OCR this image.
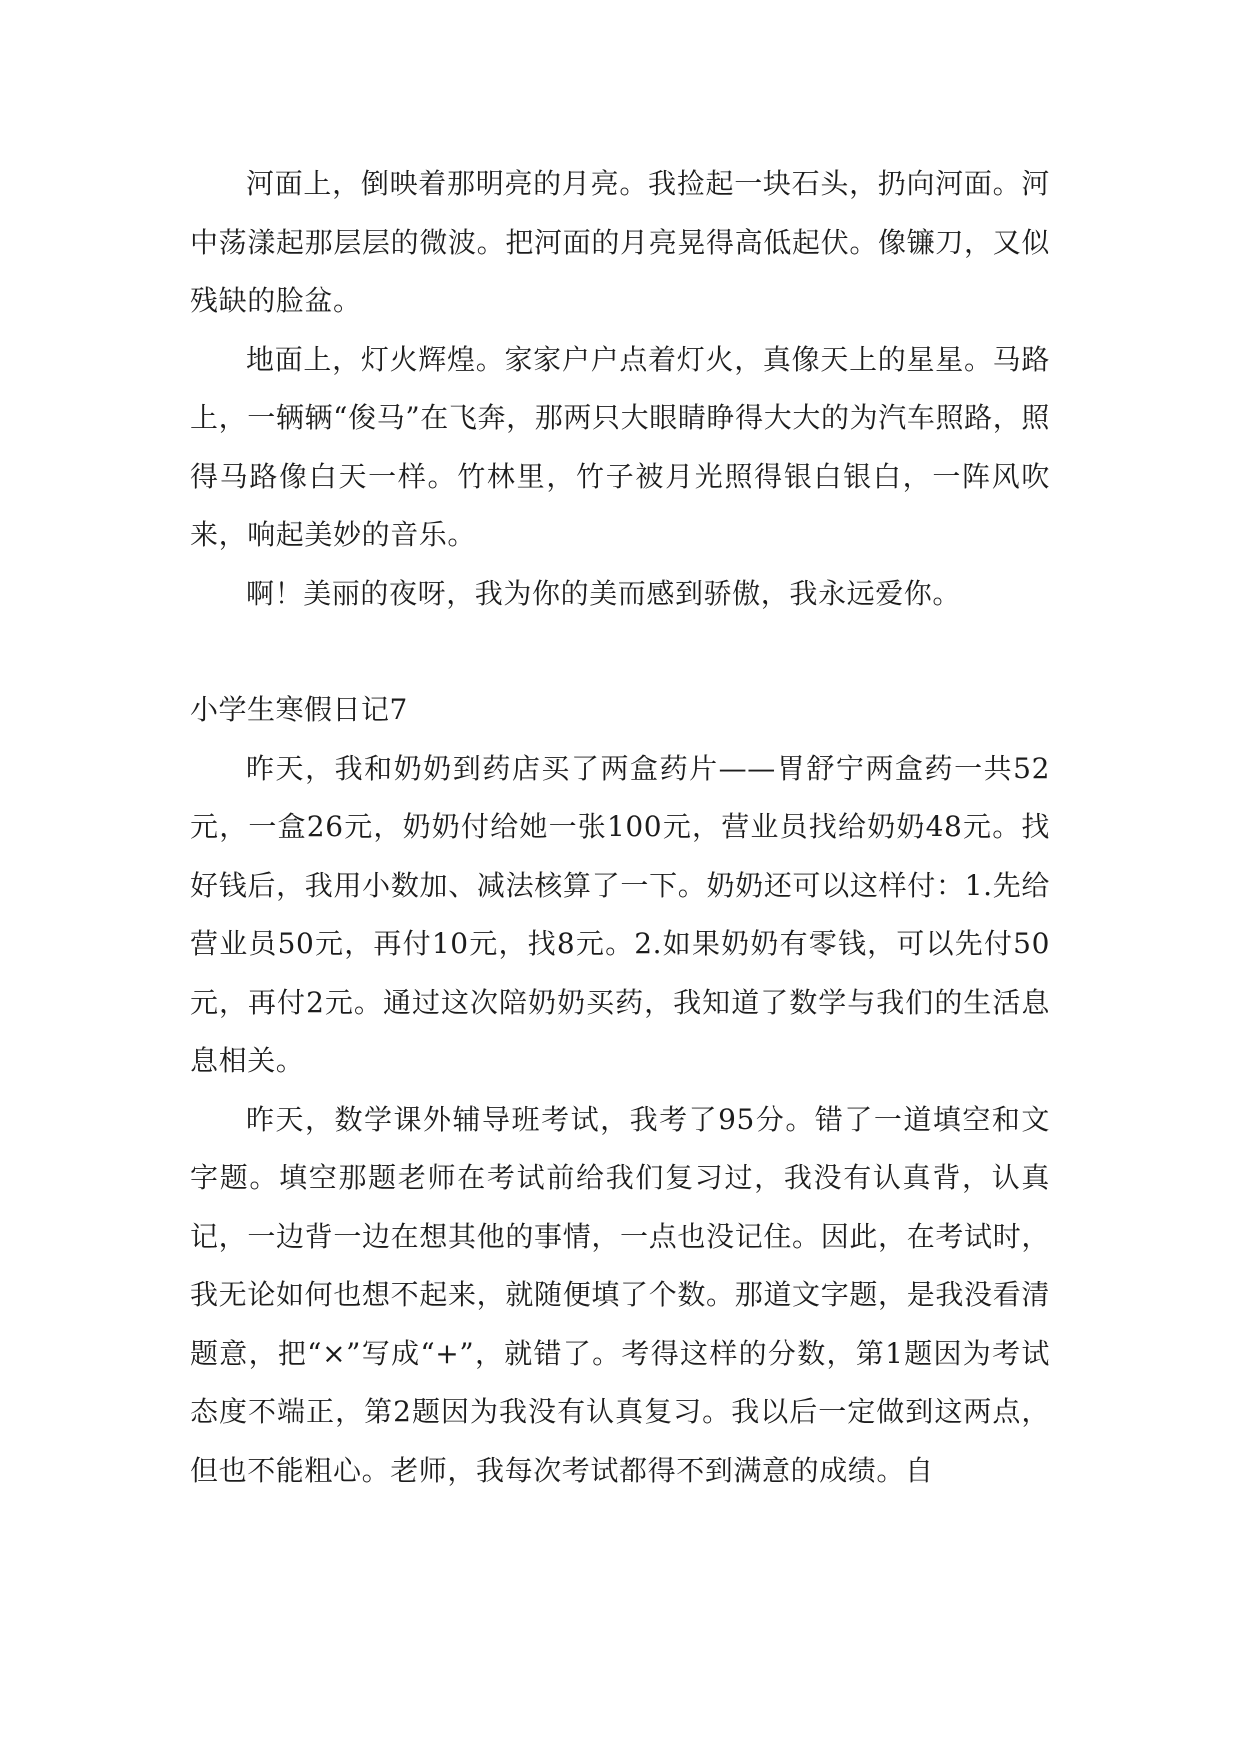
河面上，倒映着那明亮的月亮。我捡起一块石头，扔向河面。河中荡漾起那层层的微波。把河面的月亮晃得高低起伏。像镰刀，又似残缺的脸盆。

地面上，灯火辉煌。家家户户点着灯火，真像天上的星星。马路上，一辆辆“俊马”在飞奔，那两只大眼睛睁得大大的为汽车照路，照得马路像白天一样。竹林里，竹子被月光照得银白银白，一阵风吹来，响起美妙的音乐。

啊！美丽的夜呀，我为你的美而感到骄傲，我永远爱你。

小学生寒假日记7

昨天，我和奶奶到药店买了两盒药片——胃舒宁两盒药一共52元，一盒26元，奶奶付给她一张100元，营业员找给奶奶48元。找好钱后，我用小数加、减法核算了一下。奶奶还可以这样付：1.先给营业员50元，再付10元，找8元。2.如果奶奶有零钱，可以先付50元，再付2元。通过这次陪奶奶买药，我知道了数学与我们的生活息息相关。

昨天，数学课外辅导班考试，我考了95分。错了一道填空和文字题。填空那题老师在考试前给我们复习过，我没有认真背，认真记，一边背一边在想其他的事情，一点也没记住。因此，在考试时，我无论如何也想不起来，就随便填了个数。那道文字题，是我没看清题意，把“×”写成“+”，就错了。考得这样的分数，第1题因为考试态度不端正，第2题因为我没有认真复习。我以后一定做到这两点，但也不能粗心。老师，我每次考试都得不到满意的成绩。自
